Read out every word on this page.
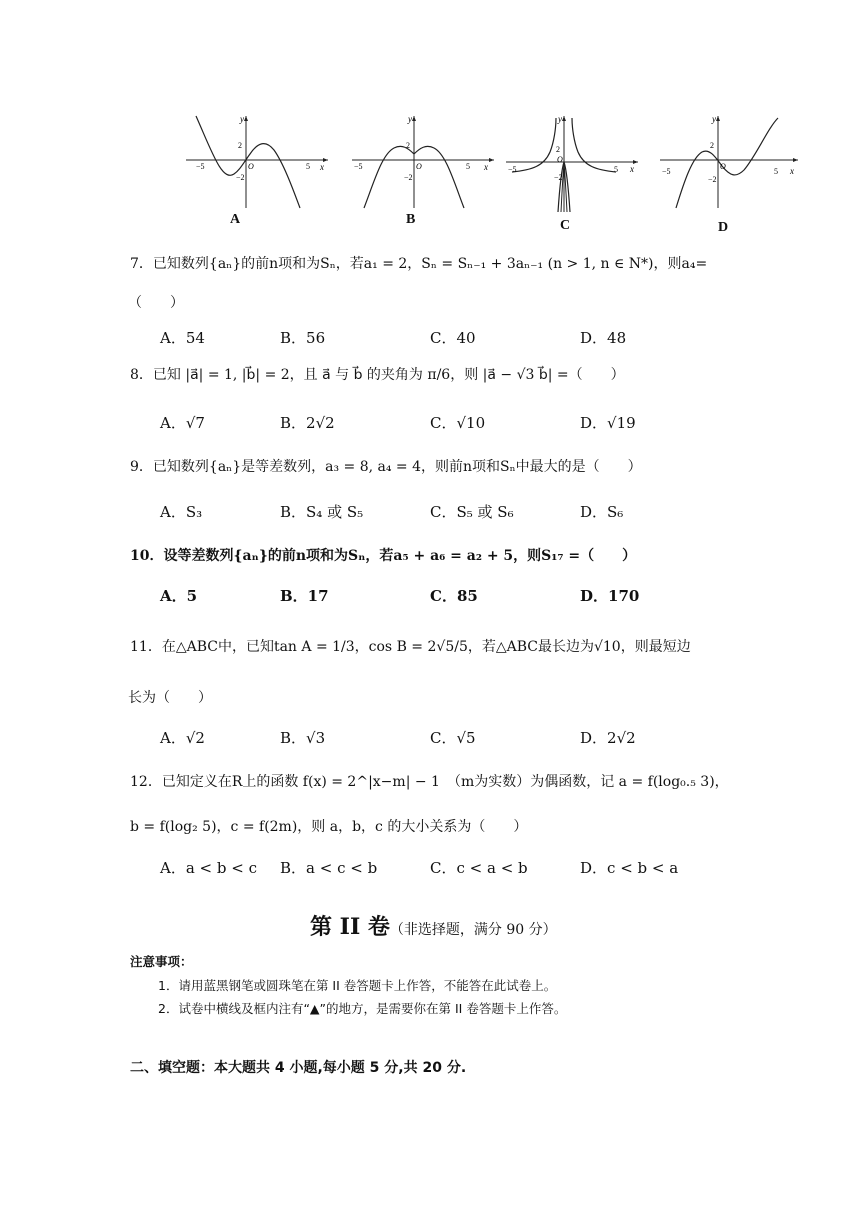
y
x
O
−5	5
2
−2
A
y
x
O
−5	5
2
−2
B
y
x
O
−5	5
2
−2
C
y
x
O
−5	5
2
−2
D
7．已知数列{aₙ}的前n项和为Sₙ，若a₁ = 2，Sₙ = Sₙ₋₁ + 3aₙ₋₁ (n > 1, n ∈ N*)，则a₄=
（　　）
A．54	B．56	C．40	D．48
8．已知 |a⃗| = 1, |b⃗| = 2，且 a⃗ 与 b⃗ 的夹角为 π/6，则 |a⃗ − √3 b⃗| =（　　）
A．√7	B．2√2	C．√10	D．√19
9．已知数列{aₙ}是等差数列，a₃ = 8, a₄ = 4，则前n项和Sₙ中最大的是（　　）
A．S₃	B．S₄ 或 S₅	C．S₅ 或 S₆	D．S₆
10．设等差数列{aₙ}的前n项和为Sₙ，若a₅ + a₆ = a₂ + 5，则S₁₇ =（　　）
A．5	B．17	C．85	D．170
11．在△ABC中，已知tan A = 1/3，cos B = 2√5/5，若△ABC最长边为√10，则最短边
长为（　　）
A．√2	B．√3	C．√5	D．2√2
12．已知定义在R上的函数 f(x) = 2^|x−m| − 1　（m为实数）为偶函数，记 a = f(log₀.₅ 3)，
b = f(log₂ 5)，c = f(2m)，则 a，b，c 的大小关系为（　　）
A．a < b < c B．a < c < b	C．c < a < b	D．c < b < a
第 II 卷（非选择题，满分 90 分）
注意事项：
1．请用蓝黑钢笔或圆珠笔在第 II 卷答题卡上作答，不能答在此试卷上。
2．试卷中横线及框内注有“▲”的地方，是需要你在第 II 卷答题卡上作答。
二、填空题：本大题共 4 小题,每小题 5 分,共 20 分.
